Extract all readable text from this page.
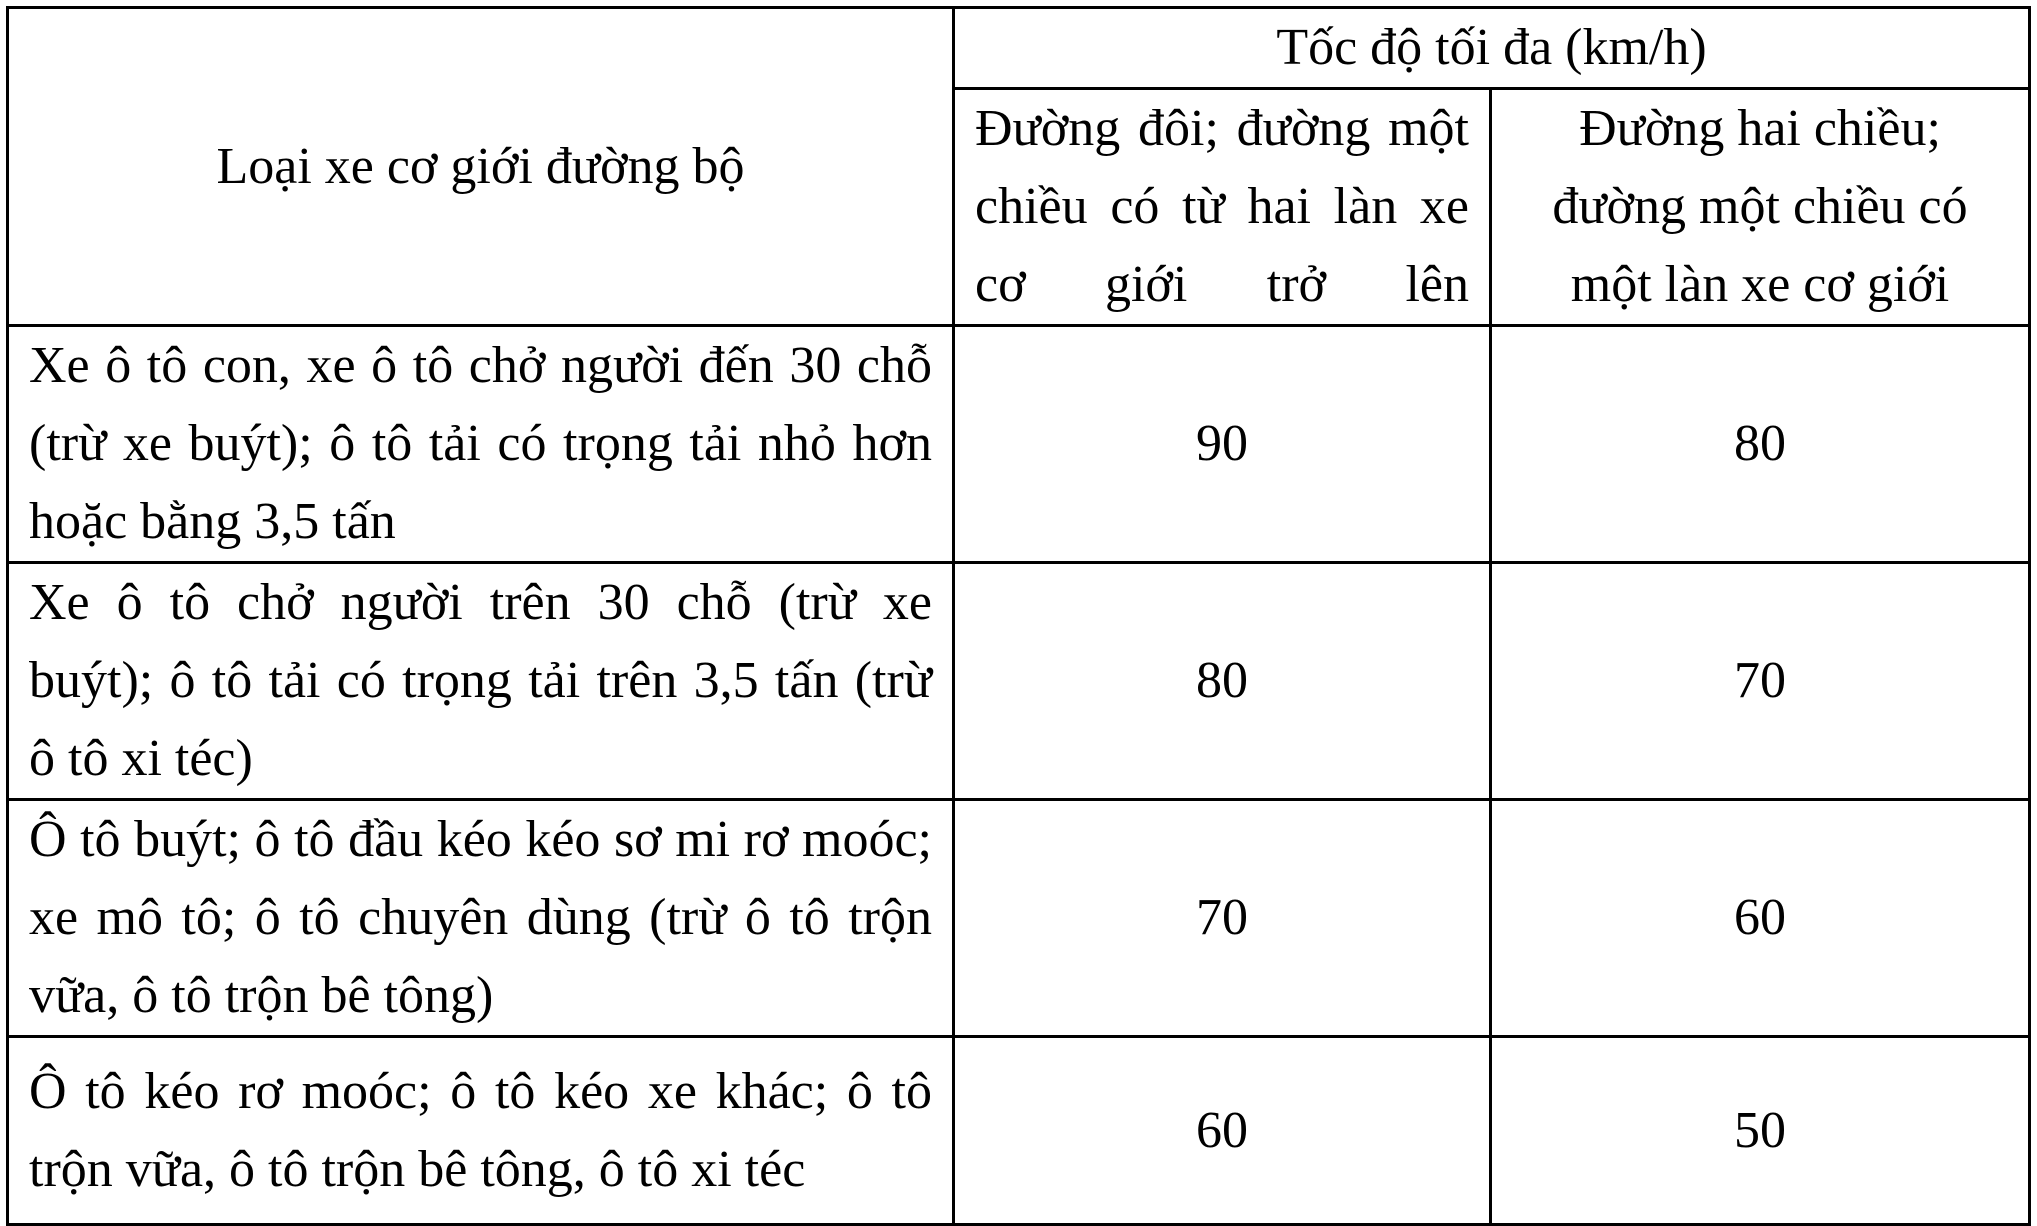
Loại xe cơ giới đường bộ	Tốc độ tối đa (km/h)	
	Đường đôi; đường một chiều có từ hai làn xe cơ giới trở lên	Đường hai chiều; đường một chiều có một làn xe cơ giới
Xe ô tô con, xe ô tô chở người đến 30 chỗ (trừ xe buýt); ô tô tải có trọng tải nhỏ hơn hoặc bằng 3,5 tấn	90	80
Xe ô tô chở người trên 30 chỗ (trừ xe buýt); ô tô tải có trọng tải trên 3,5 tấn (trừ ô tô xi téc)	80	70
Ô tô buýt; ô tô đầu kéo kéo sơ mi rơ moóc; xe mô tô; ô tô chuyên dùng (trừ ô tô trộn vữa, ô tô trộn bê tông)	70	60
Ô tô kéo rơ moóc; ô tô kéo xe khác; ô tô trộn vữa, ô tô trộn bê tông, ô tô xi téc	60	50
